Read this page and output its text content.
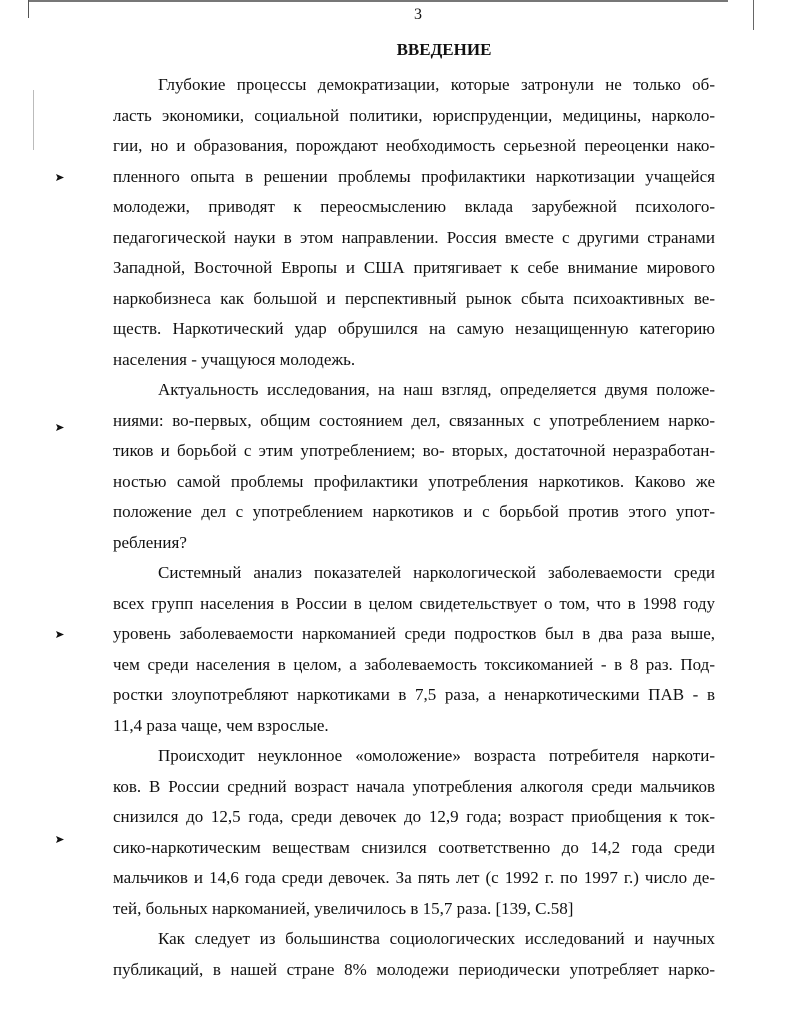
3
ВВЕДЕНИЕ
Глубокие процессы демократизации, которые затронули не только об-
ласть экономики, социальной политики, юриспруденции, медицины, нарколо-
гии, но и образования, порождают необходимость серьезной переоценки нако-
пленного опыта в решении проблемы профилактики наркотизации учащейся
молодежи, приводят к переосмыслению вклада зарубежной психолого-
педагогической науки в этом направлении. Россия вместе с другими странами
Западной, Восточной Европы и США притягивает к себе внимание мирового
наркобизнеса как большой и перспективный рынок сбыта психоактивных ве-
ществ. Наркотический удар обрушился на самую незащищенную категорию
населения - учащуюся молодежь.
Актуальность исследования, на наш взгляд, определяется двумя положе-
ниями: во-первых, общим состоянием дел, связанных с употреблением нарко-
тиков и борьбой с этим употреблением; во- вторых, достаточной неразработан-
ностью самой проблемы профилактики употребления наркотиков. Каково же
положение дел с употреблением наркотиков и с борьбой против этого упот-
ребления?
Системный анализ показателей наркологической заболеваемости среди
всех групп населения в России в целом свидетельствует о том, что в 1998 году
уровень заболеваемости наркоманией среди подростков был в два раза выше,
чем среди населения в целом, а заболеваемость токсикоманией - в 8 раз. Под-
ростки злоупотребляют наркотиками в 7,5 раза, а ненаркотическими ПАВ - в
11,4 раза чаще, чем взрослые.
Происходит неуклонное «омоложение» возраста потребителя наркоти-
ков. В России средний возраст начала употребления алкоголя среди мальчиков
снизился до 12,5 года, среди девочек до 12,9 года; возраст приобщения к ток-
сико-наркотическим веществам снизился соответственно до 14,2 года среди
мальчиков и 14,6 года среди девочек. За пять лет (с 1992 г. по 1997 г.) число де-
тей, больных наркоманией, увеличилось в 15,7 раза. [139, С.58]
Как следует из большинства социологических исследований и научных
публикаций, в нашей стране 8% молодежи периодически употребляет нарко-
